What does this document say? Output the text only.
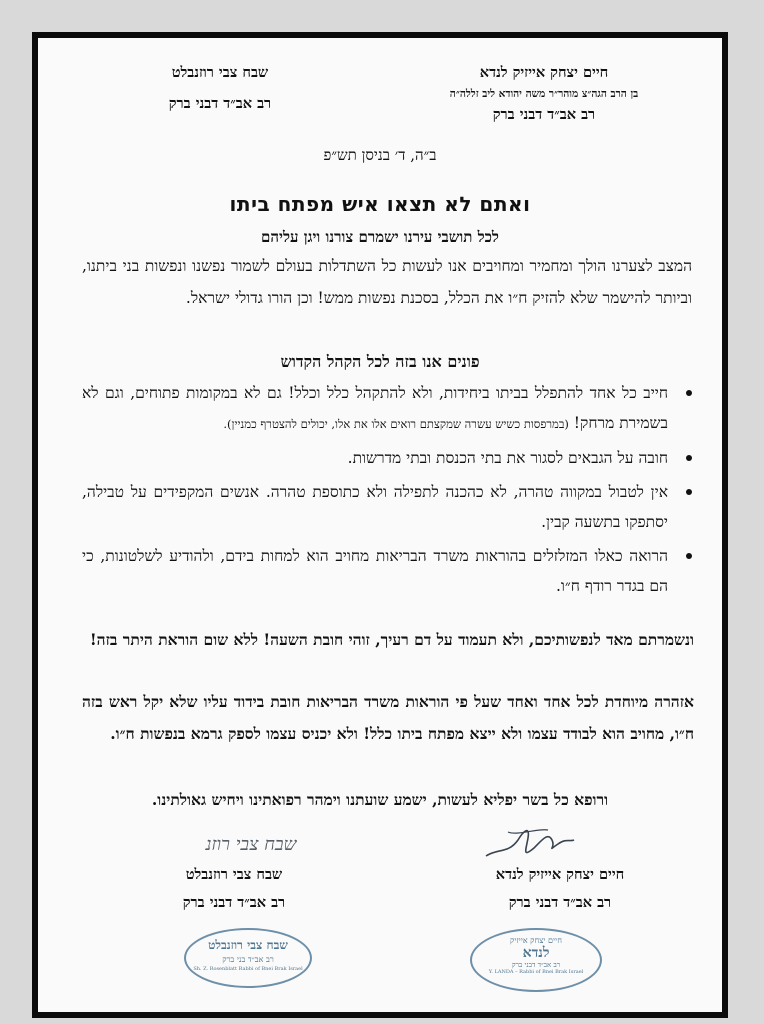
חיים יצחק אייזיק לנדא
בן הרב הגה״צ מוהר״ר משה יהודא ליב זללה״ה
רב אב״ד דבני ברק
שבח צבי רוזנבלט
רב אב״ד דבני ברק
ב״ה, ד׳ בניסן תש״פ
ואתם לא תצאו איש מפתח ביתו
לכל תושבי עירנו ישמרם צורנו ויגן עליהם
המצב לצערנו הולך ומחמיר ומחויבים אנו לעשות כל השתדלות בעולם לשמור נפשנו ונפשות בני ביתנו, וביותר להישמר שלא להזיק ח״ו את הכלל, בסכנת נפשות ממש! וכן הורו גדולי ישראל.
פונים אנו בזה לכל הקהל הקדוש
חייב כל אחד להתפלל בביתו ביחידות, ולא להתקהל כלל וכלל! גם לא במקומות פתוחים, וגם לא בשמירת מרחק! (במרפסות כשיש עשרה שמקצתם רואים אלו את אלו, יכולים להצטרף כמניין).
חובה על הגבאים לסגור את בתי הכנסת ובתי מדרשות.
אין לטבול במקווה טהרה, לא כהכנה לתפילה ולא כתוספת טהרה. אנשים המקפידים על טבילה, יסתפקו בתשעה קבין.
הרואה כאלו המזלזלים בהוראות משרד הבריאות מחויב הוא למחות בידם, ולהודיע לשלטונות, כי הם בגדר רודף ח״ו.
ונשמרתם מאד לנפשותיכם, ולא תעמוד על דם רעיך, זוהי חובת השעה! ללא שום הוראת היתר בזה!
אזהרה מיוחדת לכל אחד ואחד שעל פי הוראות משרד הבריאות חובת בידוד עליו שלא יקל ראש בזה ח״ו, מחויב הוא לבודד עצמו ולא ייצא מפתח ביתו כלל! ולא יכניס עצמו לספק גרמא בנפשות ח״ו.
ורופא כל בשר יפליא לעשות, ישמע שועתנו וימהר רפואתינו ויחיש גאולתינו.
שבח צבי רוזנ
חיים יצחק אייזיק לנדא
רב אב״ד דבני ברק
שבח צבי רוזנבלט
רב אב״ד דבני ברק
חיים יצחק אייזיק
לנדא
רב אב״ד דבני ברק
Y. LANDA – Rabbi of Bnei Brak Israel
שבח צבי רוזנבלט
רב אב״ד בני ברק
Sh. Z. Rosenblatt Rabbi of Bnei Brak Israel
